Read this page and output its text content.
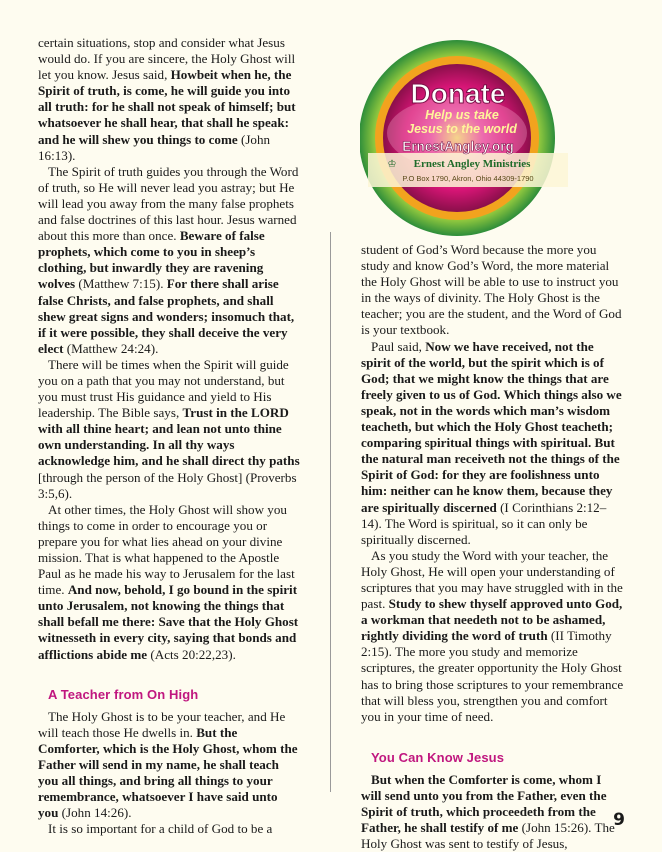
certain situations, stop and consider what Jesus would do. If you are sincere, the Holy Ghost will let you know. Jesus said, Howbeit when he, the Spirit of truth, is come, he will guide you into all truth: for he shall not speak of himself; but whatsoever he shall hear, that shall he speak: and he will shew you things to come (John 16:13).

The Spirit of truth guides you through the Word of truth, so He will never lead you astray; but He will lead you away from the many false prophets and false doctrines of this last hour. Jesus warned about this more than once. Beware of false prophets, which come to you in sheep’s clothing, but inwardly they are ravening wolves (Matthew 7:15). For there shall arise false Christs, and false prophets, and shall shew great signs and wonders; insomuch that, if it were possible, they shall deceive the very elect (Matthew 24:24).

There will be times when the Spirit will guide you on a path that you may not understand, but you must trust His guidance and yield to His leadership. The Bible says, Trust in the LORD with all thine heart; and lean not unto thine own understanding. In all thy ways acknowledge him, and he shall direct thy paths [through the person of the Holy Ghost] (Proverbs 3:5,6).

At other times, the Holy Ghost will show you things to come in order to encourage you or prepare you for what lies ahead on your divine mission. That is what happened to the Apostle Paul as he made his way to Jerusalem for the last time. And now, behold, I go bound in the spirit unto Jerusalem, not knowing the things that shall befall me there: Save that the Holy Ghost witnesseth in every city, saying that bonds and afflictions abide me (Acts 20:22,23).

A Teacher from On High

The Holy Ghost is to be your teacher, and He will teach those He dwells in. But the Comforter, which is the Holy Ghost, whom the Father will send in my name, he shall teach you all things, and bring all things to your remembrance, whatsoever I have said unto you (John 14:26).

It is so important for a child of God to be a

Donate
Help us take
Jesus to the world
ErnestAngley.org
Ernest Angley Ministries
♔
P.O Box 1790, Akron, Ohio 44309-1790

student of God’s Word because the more you study and know God’s Word, the more material the Holy Ghost will be able to use to instruct you in the ways of divinity. The Holy Ghost is the teacher; you are the student, and the Word of God is your textbook.

Paul said, Now we have received, not the spirit of the world, but the spirit which is of God; that we might know the things that are freely given to us of God. Which things also we speak, not in the words which man’s wisdom teacheth, but which the Holy Ghost teacheth; comparing spiritual things with spiritual. But the natural man receiveth not the things of the Spirit of God: for they are foolishness unto him: neither can he know them, because they are spiritually discerned (I Corinthians 2:12–14). The Word is spiritual, so it can only be spiritually discerned.

As you study the Word with your teacher, the Holy Ghost, He will open your understanding of scriptures that you may have struggled with in the past. Study to shew thyself approved unto God, a workman that needeth not to be ashamed, rightly dividing the word of truth (II Timothy 2:15). The more you study and memorize scriptures, the greater opportunity the Holy Ghost has to bring those scriptures to your remembrance that will bless you, strengthen you and comfort you in your time of need.

You Can Know Jesus

But when the Comforter is come, whom I will send unto you from the Father, even the Spirit of truth, which proceedeth from the Father, he shall testify of me (John 15:26). The Holy Ghost was sent to testify of Jesus,

9
